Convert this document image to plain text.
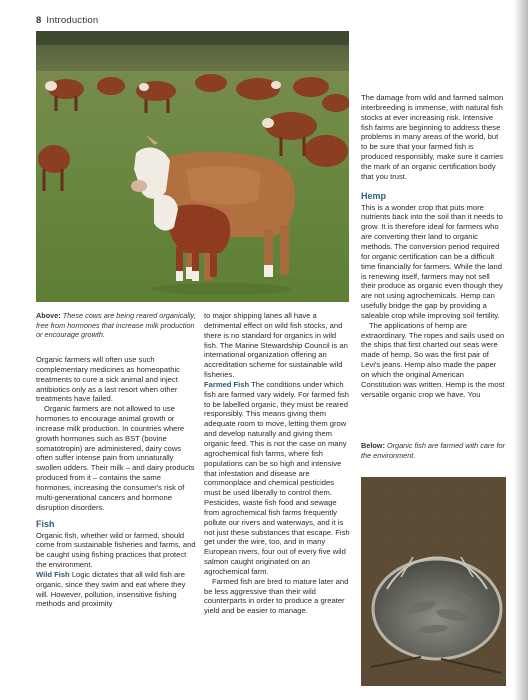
8 Introduction
Above: These cows are being reared organically, free from hormones that increase milk production or encourage growth.

Organic farmers will often use such complementary medicines as homeopathic treatments to cure a sick animal and inject antibiotics only as a last resort when other treatments have failed.

Organic farmers are not allowed to use hormones to encourage animal growth or increase milk production. In countries where growth hormones such as BST (bovine somatotropin) are administered, dairy cows often suffer intense pain from unnaturally swollen udders. Their milk – and dairy products produced from it – contains the same hormones, increasing the consumer's risk of multi-generational cancers and hormone disruption disorders.

Fish

Organic fish, whether wild or farmed, should come from sustainable fisheries and farms, and be caught using fishing practices that protect the environment.

Wild Fish Logic dictates that all wild fish are organic, since they swim and eat where they will. However, pollution, insensitive fishing methods and proximity

to major shipping lanes all have a detrimental effect on wild fish stocks, and there is no standard for organics in wild fish. The Marine Stewardship Council is an international organization offering an accreditation scheme for sustainable wild fisheries.

Farmed Fish The conditions under which fish are farmed vary widely. For farmed fish to be labelled organic, they must be reared responsibly. This means giving them adequate room to move, letting them grow and develop naturally and giving them organic feed. This is not the case on many agrochemical fish farms, where fish populations can be so high and intensive that infestation and disease are commonplace and chemical pesticides must be used liberally to control them. Pesticides, waste fish food and sewage from agrochemical fish farms frequently pollute our rivers and waterways, and it is not just these substances that escape. Fish get under the wire, too, and in many European rivers, four out of every five wild salmon caught originated on an agrochemical farm.

Farmed fish are bred to mature later and be less aggressive than their wild counterparts in order to produce a greater yield and be easier to manage.

The damage from wild and farmed salmon interbreeding is immense, with natural fish stocks at ever increasing risk. Intensive fish farms are beginning to address these problems in many areas of the world, but to be sure that your farmed fish is produced responsibly, make sure it carries the mark of an organic certification body that you trust.

Hemp

This is a wonder crop that puts more nutrients back into the soil than it needs to grow. It is therefore ideal for farmers who are converting their land to organic methods. The conversion period required for organic certification can be a difficult time financially for farmers. While the land is renewing itself, farmers may not sell their produce as organic even though they are not using agrochemicals. Hemp can usefully bridge the gap by providing a saleable crop while improving soil fertility.

The applications of hemp are extraordinary. The ropes and sails used on the ships that first charted our seas were made of hemp. So was the first pair of Levi's jeans. Hemp also made the paper on which the original American Constitution was written. Hemp is the most versatile organic crop we have. You

Below: Organic fish are farmed with care for the environment.
